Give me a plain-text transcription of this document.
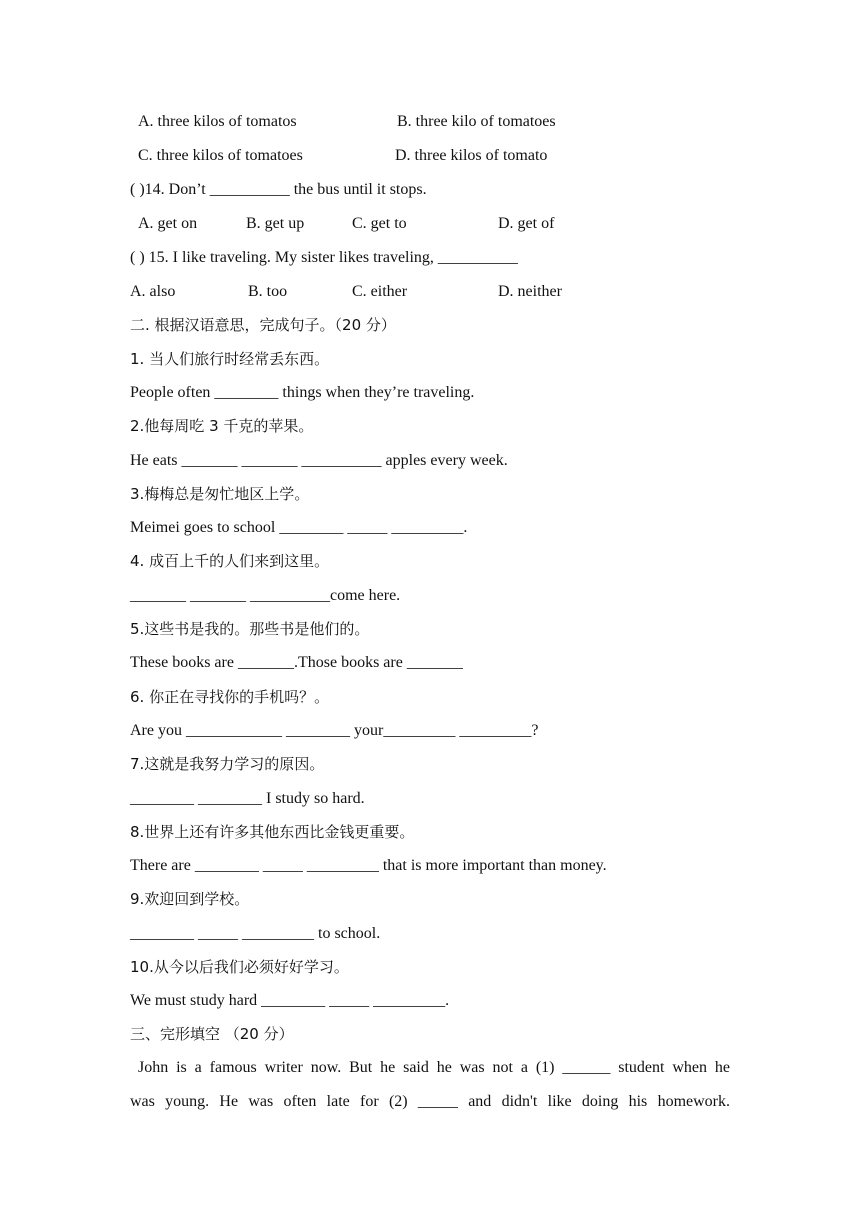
A. three kilos of tomatos	B. three kilo of tomatoes
C. three kilos of tomatoes	D. three kilos of tomato
( )14. Don’t __________ the bus until it stops.
A. get on	B. get up	C. get to	D. get of
( ) 15. I like traveling. My sister likes traveling, __________
A. also	B. too	C. either	D. neither
二. 根据汉语意思，完成句子。（20 分）
1. 当人们旅行时经常丢东西。
People often ________ things when they’re traveling.
2.他每周吃 3 千克的苹果。
He eats _______ _______ __________ apples every week.
3.梅梅总是匆忙地区上学。
Meimei goes to school ________ _____ _________.
4. 成百上千的人们来到这里。
_______ _______ __________come here.
5.这些书是我的。那些书是他们的。
These books are _______.Those books are _______
6. 你正在寻找你的手机吗？。
Are you ____________ ________ your_________ _________?
7.这就是我努力学习的原因。
________ ________ I study so hard.
8.世界上还有许多其他东西比金钱更重要。
There are ________ _____ _________ that is more important than money.
9.欢迎回到学校。
________ _____ _________ to school.
10.从今以后我们必须好好学习。
We must study hard ________ _____ _________.
三、完形填空 （20 分）
John is a famous writer now. But he said he was not a (1) ______ student when he
was young. He was often late for (2) _____ and didn't like doing his homework.
